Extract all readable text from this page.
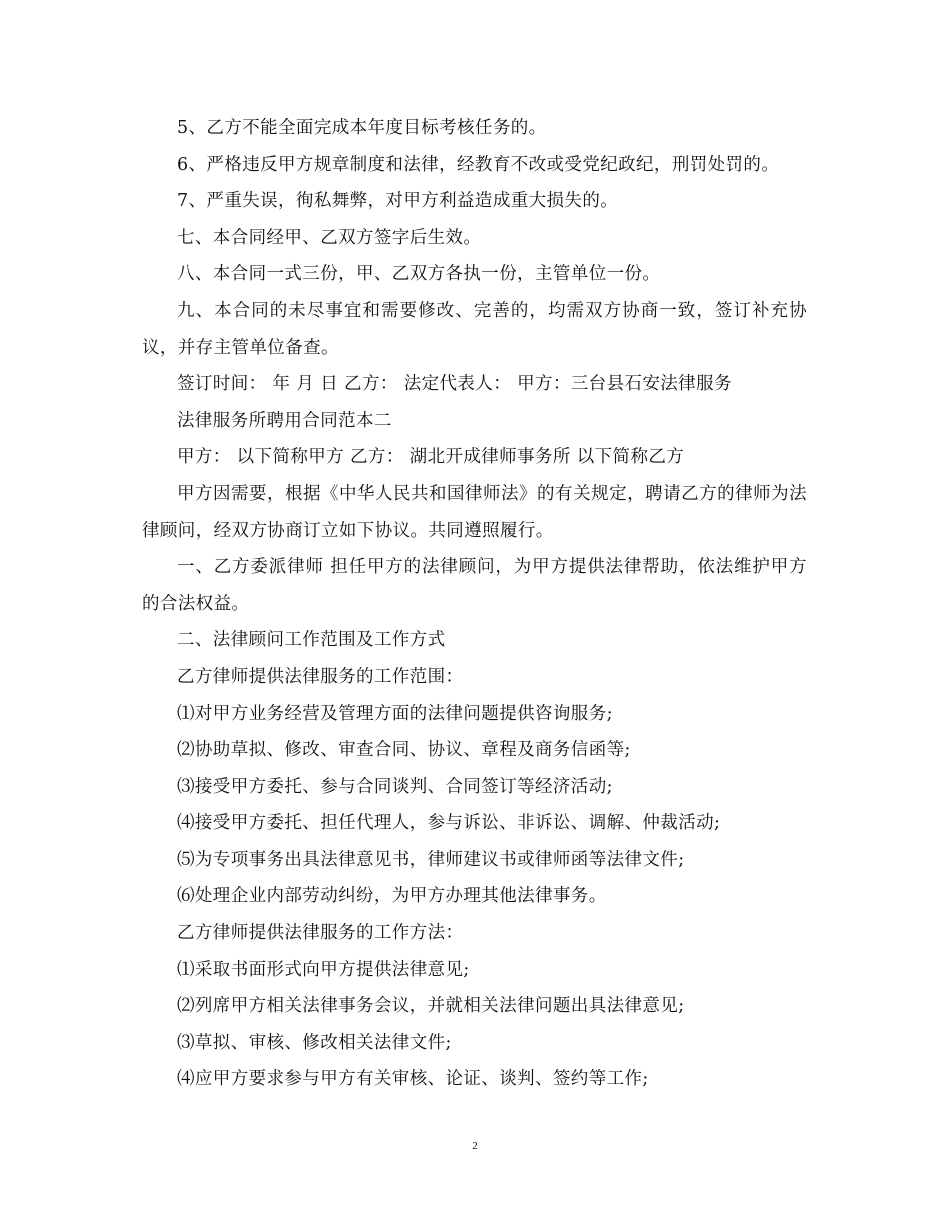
5、乙方不能全面完成本年度目标考核任务的。

6、严格违反甲方规章制度和法律，经教育不改或受党纪政纪，刑罚处罚的。

7、严重失误，徇私舞弊，对甲方利益造成重大损失的。

七、本合同经甲、乙双方签字后生效。

八、本合同一式三份，甲、乙双方各执一份，主管单位一份。

九、本合同的未尽事宜和需要修改、完善的，均需双方协商一致，签订补充协议，并存主管单位备查。

签订时间： 年 月 日 乙方： 法定代表人： 甲方：三台县石安法律服务

法律服务所聘用合同范本二

甲方： 以下简称甲方 乙方： 湖北开成律师事务所 以下简称乙方

甲方因需要，根据《中华人民共和国律师法》的有关规定，聘请乙方的律师为法律顾问，经双方协商订立如下协议。共同遵照履行。

一、乙方委派律师 担任甲方的法律顾问，为甲方提供法律帮助，依法维护甲方的合法权益。

二、法律顾问工作范围及工作方式

乙方律师提供法律服务的工作范围：

⑴对甲方业务经营及管理方面的法律问题提供咨询服务;

⑵协助草拟、修改、审查合同、协议、章程及商务信函等;

⑶接受甲方委托、参与合同谈判、合同签订等经济活动;

⑷接受甲方委托、担任代理人，参与诉讼、非诉讼、调解、仲裁活动;

⑸为专项事务出具法律意见书，律师建议书或律师函等法律文件;

⑹处理企业内部劳动纠纷，为甲方办理其他法律事务。

乙方律师提供法律服务的工作方法：

⑴采取书面形式向甲方提供法律意见;

⑵列席甲方相关法律事务会议，并就相关法律问题出具法律意见;

⑶草拟、审核、修改相关法律文件;

⑷应甲方要求参与甲方有关审核、论证、谈判、签约等工作;

2
